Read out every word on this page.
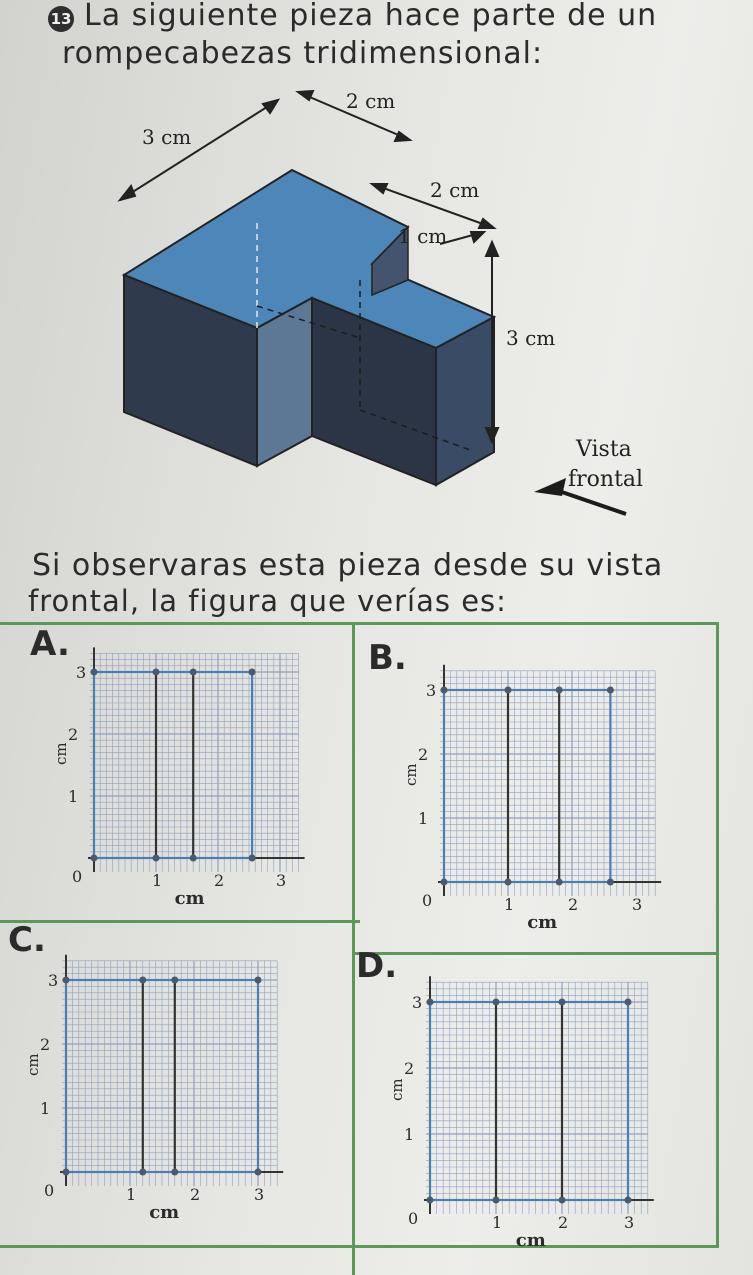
13 La siguiente pieza hace parte de un
rompecabezas tridimensional:
2 cm
3 cm
2 cm
1 cm
3 cm
Vista
frontal
Si observaras esta pieza desde su vista
frontal, la figura que verías es:
A.	B.
C.
D.
3
2
1
0	1	2	3
cm
cm
3
2
1
0	1	2	3
cm
cm
3
2
1
0	1	2	3
cm
cm
3
2
1
0	1	2	3
cm
cm
